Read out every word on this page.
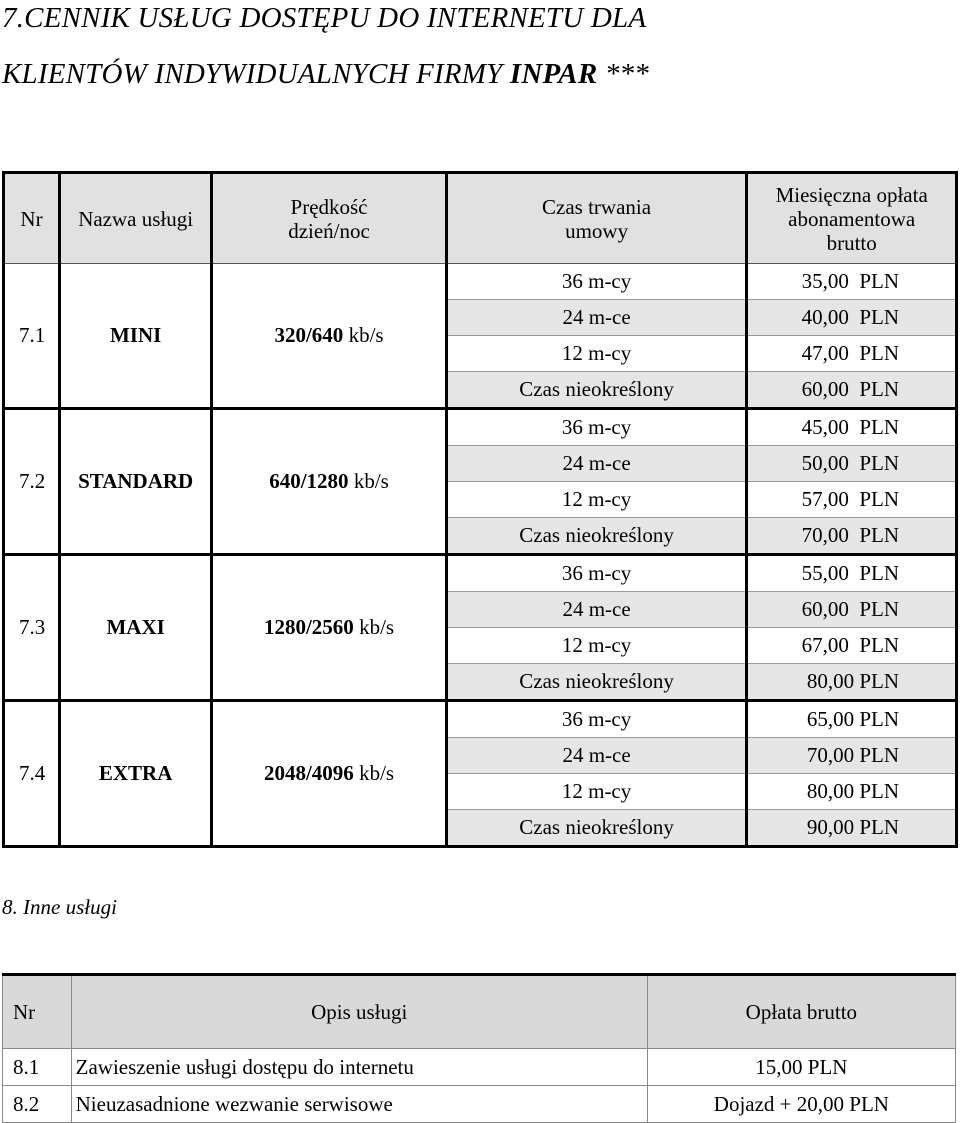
7.CENNIK USŁUG DOSTĘPU DO INTERNETU DLA
KLIENTÓW INDYWIDUALNYCH FIRMY INPAR ***
Nr	Nazwa usługi	Prędkość dzień/noc	Czas trwania umowy	Miesięczna opłata abonamentowa brutto
7.1	MINI	320/640 kb/s	36 m-cy	35,00  PLN
			24 m-ce	40,00  PLN
			12 m-cy	47,00  PLN
			Czas nieokreślony	60,00  PLN
7.2	STANDARD	640/1280 kb/s	36 m-cy	45,00  PLN
			24 m-ce	50,00  PLN
			12 m-cy	57,00  PLN
			Czas nieokreślony	70,00  PLN
7.3	MAXI	1280/2560 kb/s	36 m-cy	55,00  PLN
			24 m-ce	60,00  PLN
			12 m-cy	67,00  PLN
			Czas nieokreślony	80,00 PLN
7.4	EXTRA	2048/4096 kb/s	36 m-cy	65,00 PLN
			24 m-ce	70,00 PLN
			12 m-cy	80,00 PLN
			Czas nieokreślony	90,00 PLN
8. Inne usługi
Nr	Opis usługi	Opłata brutto
8.1	Zawieszenie usługi dostępu do internetu	15,00 PLN
8.2	Nieuzasadnione wezwanie serwisowe	Dojazd + 20,00 PLN
